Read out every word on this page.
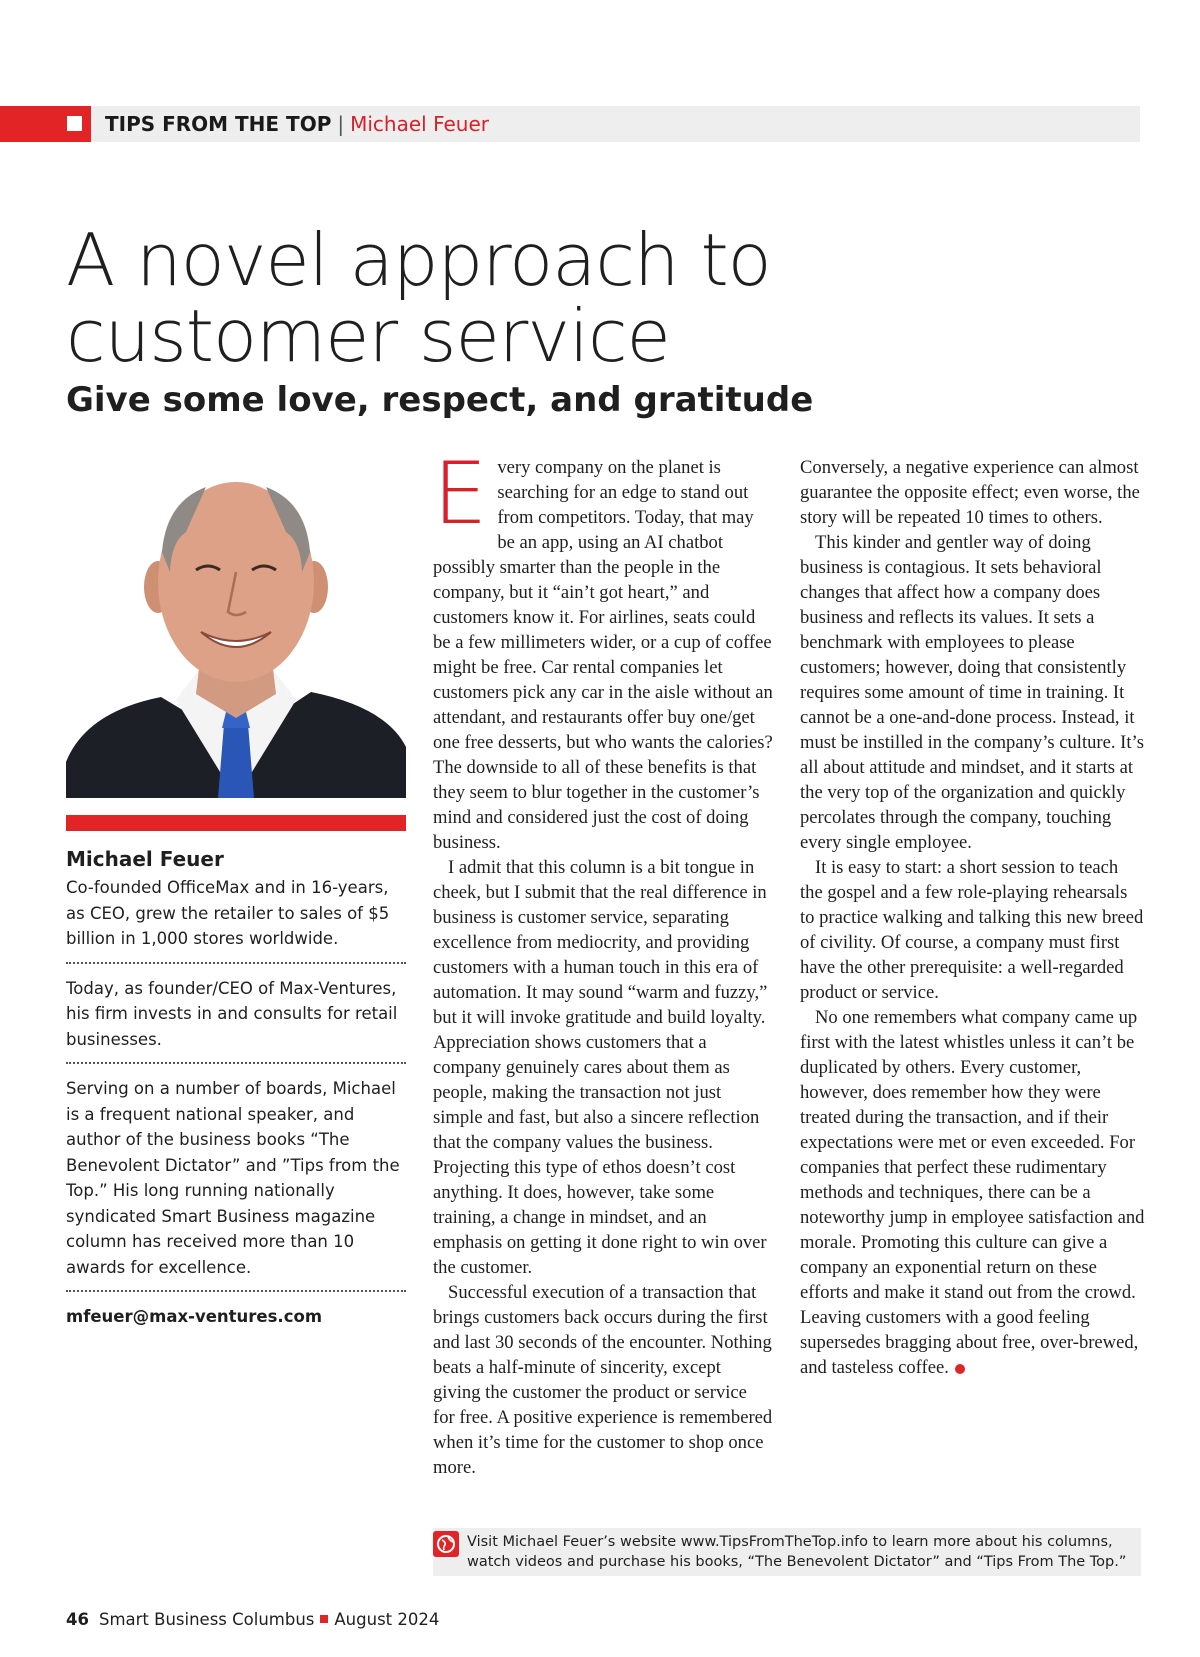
TIPS FROM THE TOP | Michael Feuer
A novel approach to
customer service
Give some love, respect, and gratitude
Michael Feuer

Co-founded OfficeMax and in 16-years, as CEO, grew the retailer to sales of $5 billion in 1,000 stores worldwide.

Today, as founder/CEO of Max-Ventures, his firm invests in and consults for retail businesses.

Serving on a number of boards, Michael is a frequent national speaker, and author of the business books “The Benevolent Dictator” and ”Tips from the Top.” His long running nationally syndicated Smart Business magazine column has received more than 10 awards for excellence.

mfeuer@max-ventures.com

Every company on the planet is searching for an edge to stand out from competitors. Today, that may be an app, using an AI chatbot possibly smarter than the people in the company, but it “ain’t got heart,” and customers know it. For airlines, seats could be a few millimeters wider, or a cup of coffee might be free. Car rental companies let customers pick any car in the aisle without an attendant, and restaurants offer buy one/get one free desserts, but who wants the calories? The downside to all of these benefits is that they seem to blur together in the customer’s mind and considered just the cost of doing business.

I admit that this column is a bit tongue in cheek, but I submit that the real difference in business is customer service, separating excellence from mediocrity, and providing customers with a human touch in this era of automation. It may sound “warm and fuzzy,” but it will invoke gratitude and build loyalty. Appreciation shows customers that a company genuinely cares about them as people, making the transaction not just simple and fast, but also a sincere reflection that the company values the business. Projecting this type of ethos doesn’t cost anything. It does, however, take some training, a change in mindset, and an emphasis on getting it done right to win over the customer.

Successful execution of a transaction that brings customers back occurs during the first and last 30 seconds of the encounter. Nothing beats a half-minute of sincerity, except giving the customer the product or service for free. A positive experience is remembered when it’s time for the customer to shop once more.

Conversely, a negative experience can almost guarantee the opposite effect; even worse, the story will be repeated 10 times to others.

This kinder and gentler way of doing business is contagious. It sets behavioral changes that affect how a company does business and reflects its values. It sets a benchmark with employees to please customers; however, doing that consistently requires some amount of time in training. It cannot be a one-and-done process. Instead, it must be instilled in the company’s culture. It’s all about attitude and mindset, and it starts at the very top of the organization and quickly percolates through the company, touching every single employee.

It is easy to start: a short session to teach the gospel and a few role-playing rehearsals to practice walking and talking this new breed of civility. Of course, a company must first have the other prerequisite: a well-regarded product or service.

No one remembers what company came up first with the latest whistles unless it can’t be duplicated by others. Every customer, however, does remember how they were treated during the transaction, and if their expectations were met or even exceeded. For companies that perfect these rudimentary methods and techniques, there can be a noteworthy jump in employee satisfaction and morale. Promoting this culture can give a company an exponential return on these efforts and make it stand out from the crowd. Leaving customers with a good feeling supersedes bragging about free, over-brewed, and tasteless coffee.

Visit Michael Feuer’s website www.TipsFromTheTop.info to learn more about his columns, watch videos and purchase his books, “The Benevolent Dictator” and “Tips From The Top.”
46 Smart Business Columbus August 2024
